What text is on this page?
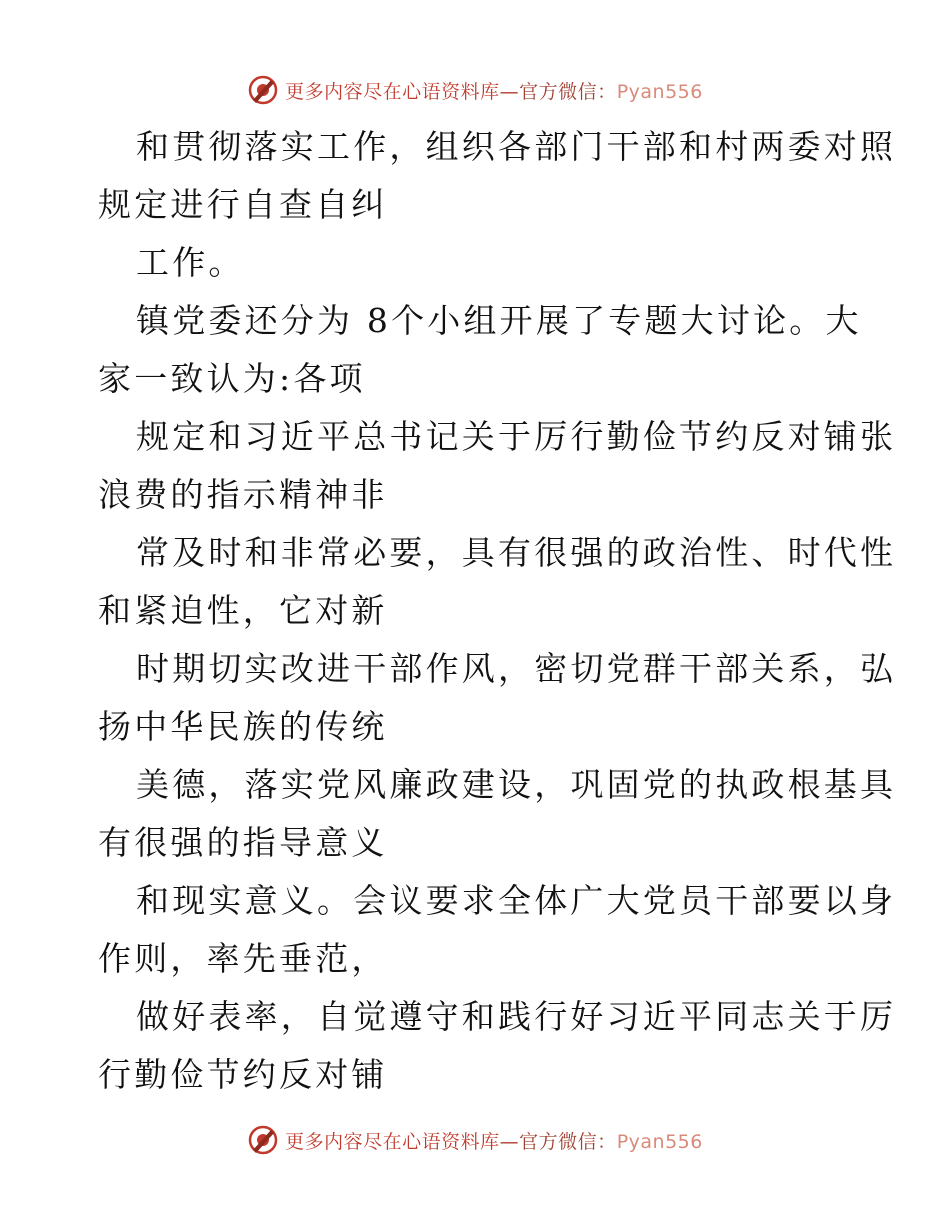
更多内容尽在心语资料库—官方微信：Pyan556
和贯彻落实工作，组织各部门干部和村两委对照
规定进行自查自纠
工作。
镇党委还分为 8个小组开展了专题大讨论。大
家一致认为:各项
规定和习近平总书记关于厉行勤俭节约反对铺张
浪费的指示精神非
常及时和非常必要，具有很强的政治性、时代性
和紧迫性，它对新
时期切实改进干部作风，密切党群干部关系，弘
扬中华民族的传统
美德，落实党风廉政建设，巩固党的执政根基具
有很强的指导意义
和现实意义。会议要求全体广大党员干部要以身
作则，率先垂范，
做好表率，自觉遵守和践行好习近平同志关于厉
行勤俭节约反对铺
更多内容尽在心语资料库—官方微信：Pyan556
